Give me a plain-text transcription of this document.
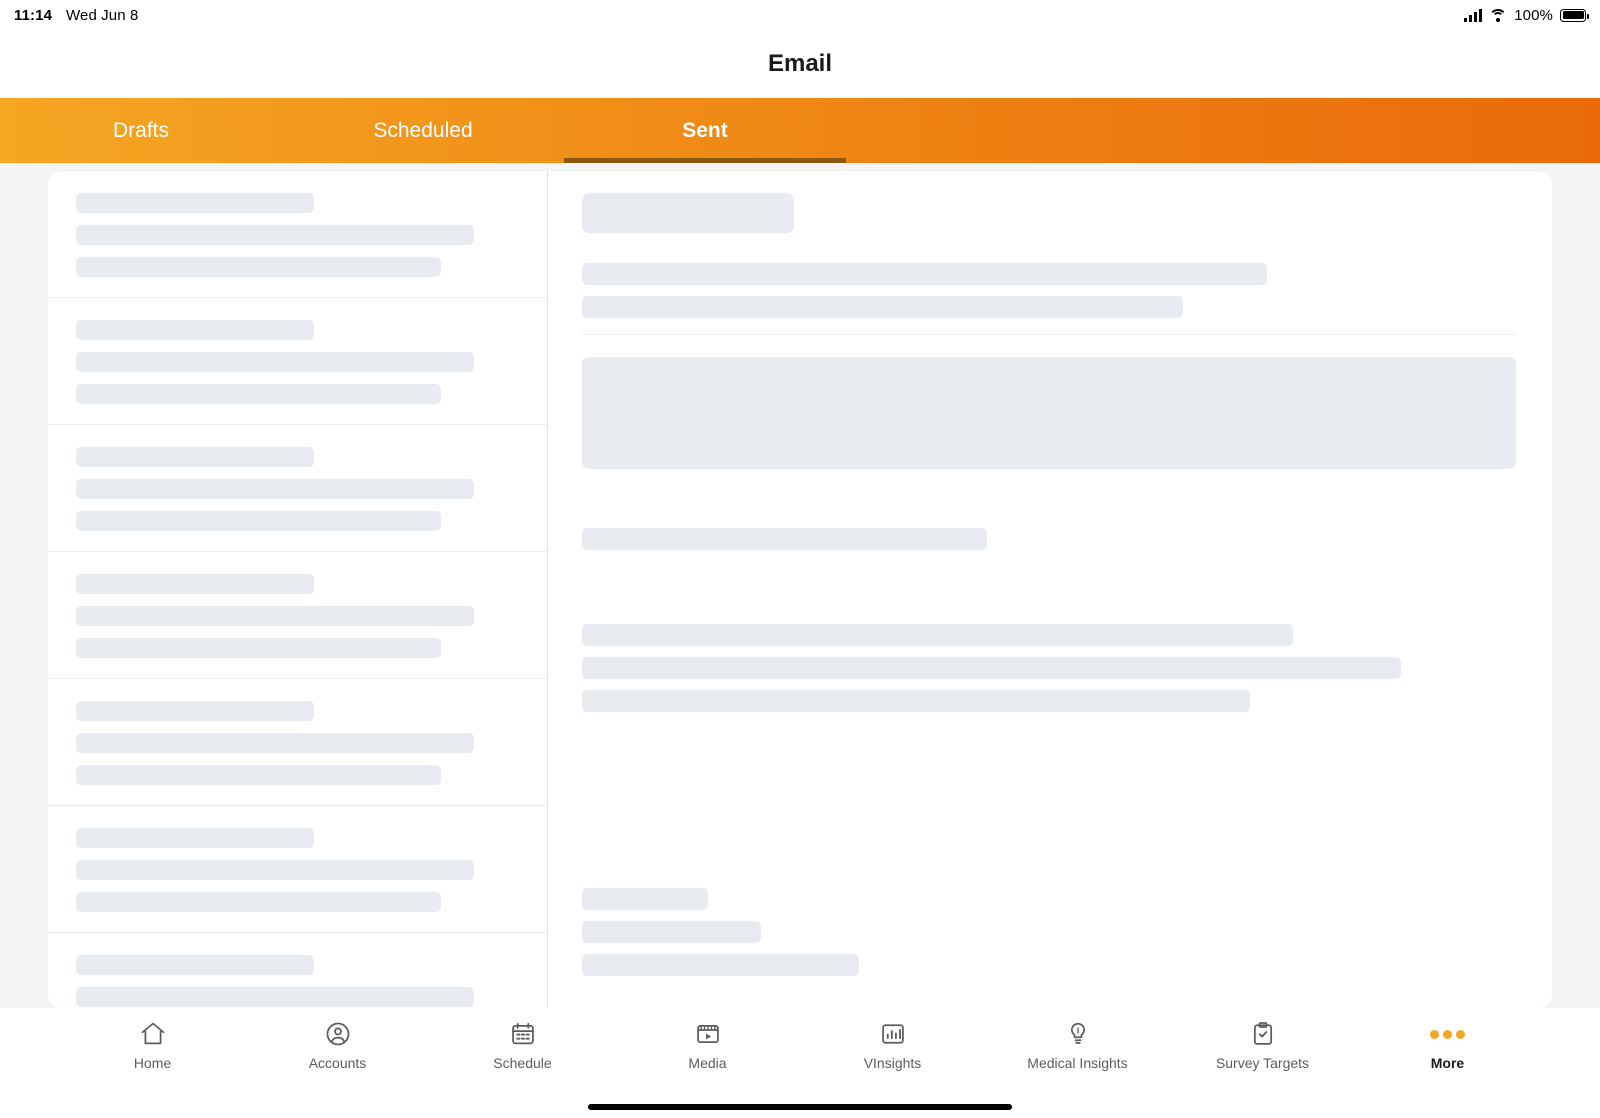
11:14 Wed Jun 8	100%
Email
Drafts	Scheduled	Sent
Home	Accounts	Schedule	Media	VInsights	Medical Insights	Survey Targets	More
